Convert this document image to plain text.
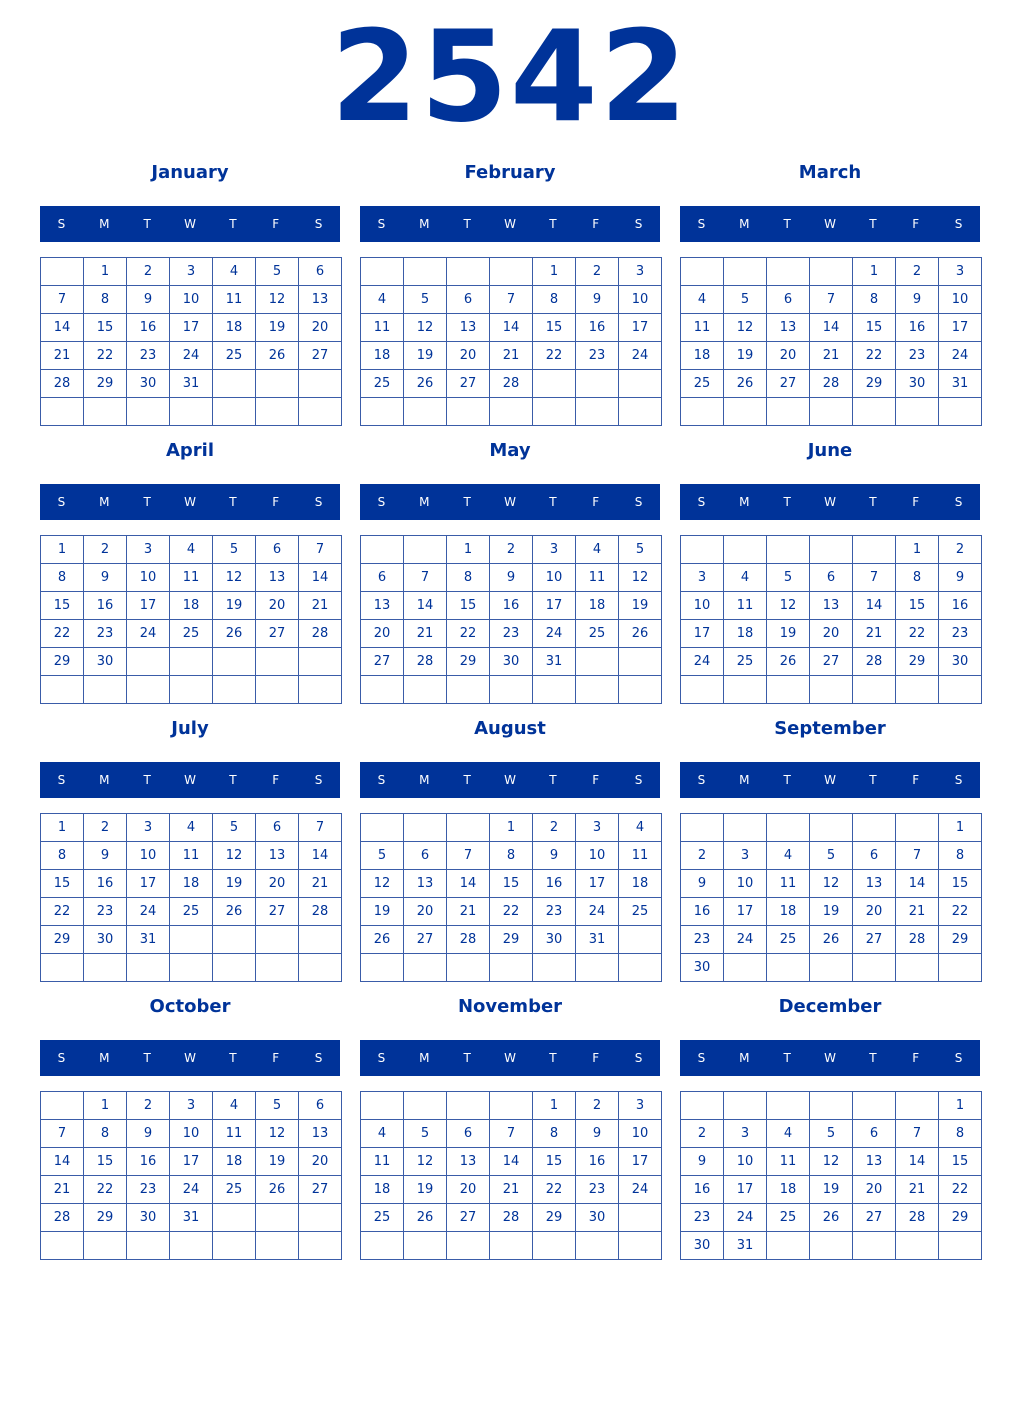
2542
January
S	M	T	W	T	F	S
	1	2	3	4	5	6
7	8	9	10	11	12	13
14	15	16	17	18	19	20
21	22	23	24	25	26	27
28	29	30	31			

February
S	M	T	W	T	F	S
				1	2	3
4	5	6	7	8	9	10
11	12	13	14	15	16	17
18	19	20	21	22	23	24
25	26	27	28			

March
S	M	T	W	T	F	S
				1	2	3
4	5	6	7	8	9	10
11	12	13	14	15	16	17
18	19	20	21	22	23	24
25	26	27	28	29	30	31

April
S	M	T	W	T	F	S
1	2	3	4	5	6	7
8	9	10	11	12	13	14
15	16	17	18	19	20	21
22	23	24	25	26	27	28
29	30					

May
S	M	T	W	T	F	S
		1	2	3	4	5
6	7	8	9	10	11	12
13	14	15	16	17	18	19
20	21	22	23	24	25	26
27	28	29	30	31		

June
S	M	T	W	T	F	S
					1	2
3	4	5	6	7	8	9
10	11	12	13	14	15	16
17	18	19	20	21	22	23
24	25	26	27	28	29	30

July
S	M	T	W	T	F	S
1	2	3	4	5	6	7
8	9	10	11	12	13	14
15	16	17	18	19	20	21
22	23	24	25	26	27	28
29	30	31				

August
S	M	T	W	T	F	S
			1	2	3	4
5	6	7	8	9	10	11
12	13	14	15	16	17	18
19	20	21	22	23	24	25
26	27	28	29	30	31	

September
S	M	T	W	T	F	S
						1
2	3	4	5	6	7	8
9	10	11	12	13	14	15
16	17	18	19	20	21	22
23	24	25	26	27	28	29
30						
October
S	M	T	W	T	F	S
	1	2	3	4	5	6
7	8	9	10	11	12	13
14	15	16	17	18	19	20
21	22	23	24	25	26	27
28	29	30	31			

November
S	M	T	W	T	F	S
				1	2	3
4	5	6	7	8	9	10
11	12	13	14	15	16	17
18	19	20	21	22	23	24
25	26	27	28	29	30	

December
S	M	T	W	T	F	S
						1
2	3	4	5	6	7	8
9	10	11	12	13	14	15
16	17	18	19	20	21	22
23	24	25	26	27	28	29
30	31					
